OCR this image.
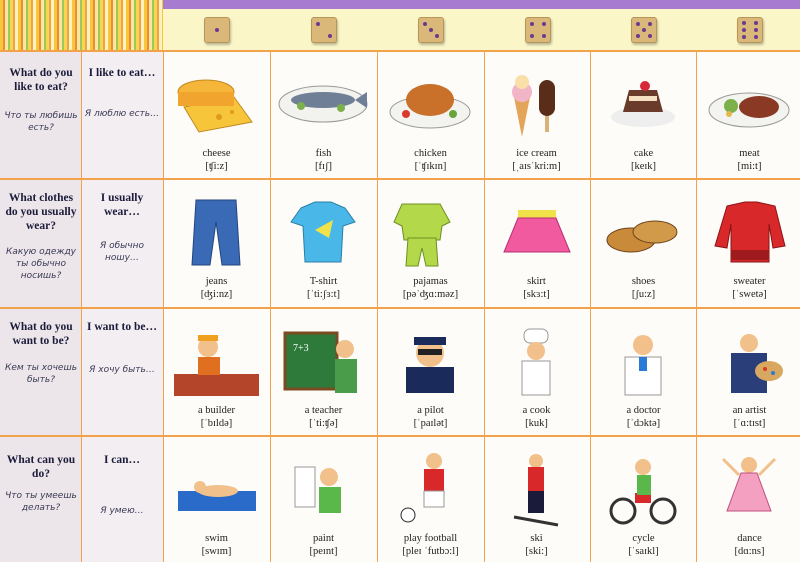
What do you like to eat?
Что ты любишь есть?
I like to eat…
Я люблю есть…
What clothes do you usually wear?
Какую одежду ты обычно носишь?
I usually wear…
Я обычно ношу…
What do you want to be?
Кем ты хочешь быть?
I want to be…
Я хочу быть…
What can you do?
Что ты умеешь делать?
I can…
Я умею…
cheese
[ʧi:z]
fish
[fɪʃ]
chicken
[ˈʧɪkɪn]
ice cream
[ˌaɪsˈkri:m]
cake
[keɪk]
meat
[mi:t]
jeans
[ʤi:nz]
T-shirt
[ˈti:ʃɜ:t]
pajamas
[pəˈʤɑ:məz]
skirt
[skɜ:t]
shoes
[ʃu:z]
sweater
[ˈswetə]
a builder
[ˈbɪldə]
7+3
a teacher
[ˈti:ʧə]
a pilot
[ˈpaɪlət]
a cook
[kuk]
a doctor
[ˈdɔktə]
an artist
[ˈɑ:tɪst]
swim
[swɪm]
paint
[peɪnt]
play football
[pleɪ ˈfutbɔ:l]
ski
[ski:]
cycle
[ˈsaɪkl]
dance
[dɑ:ns]
